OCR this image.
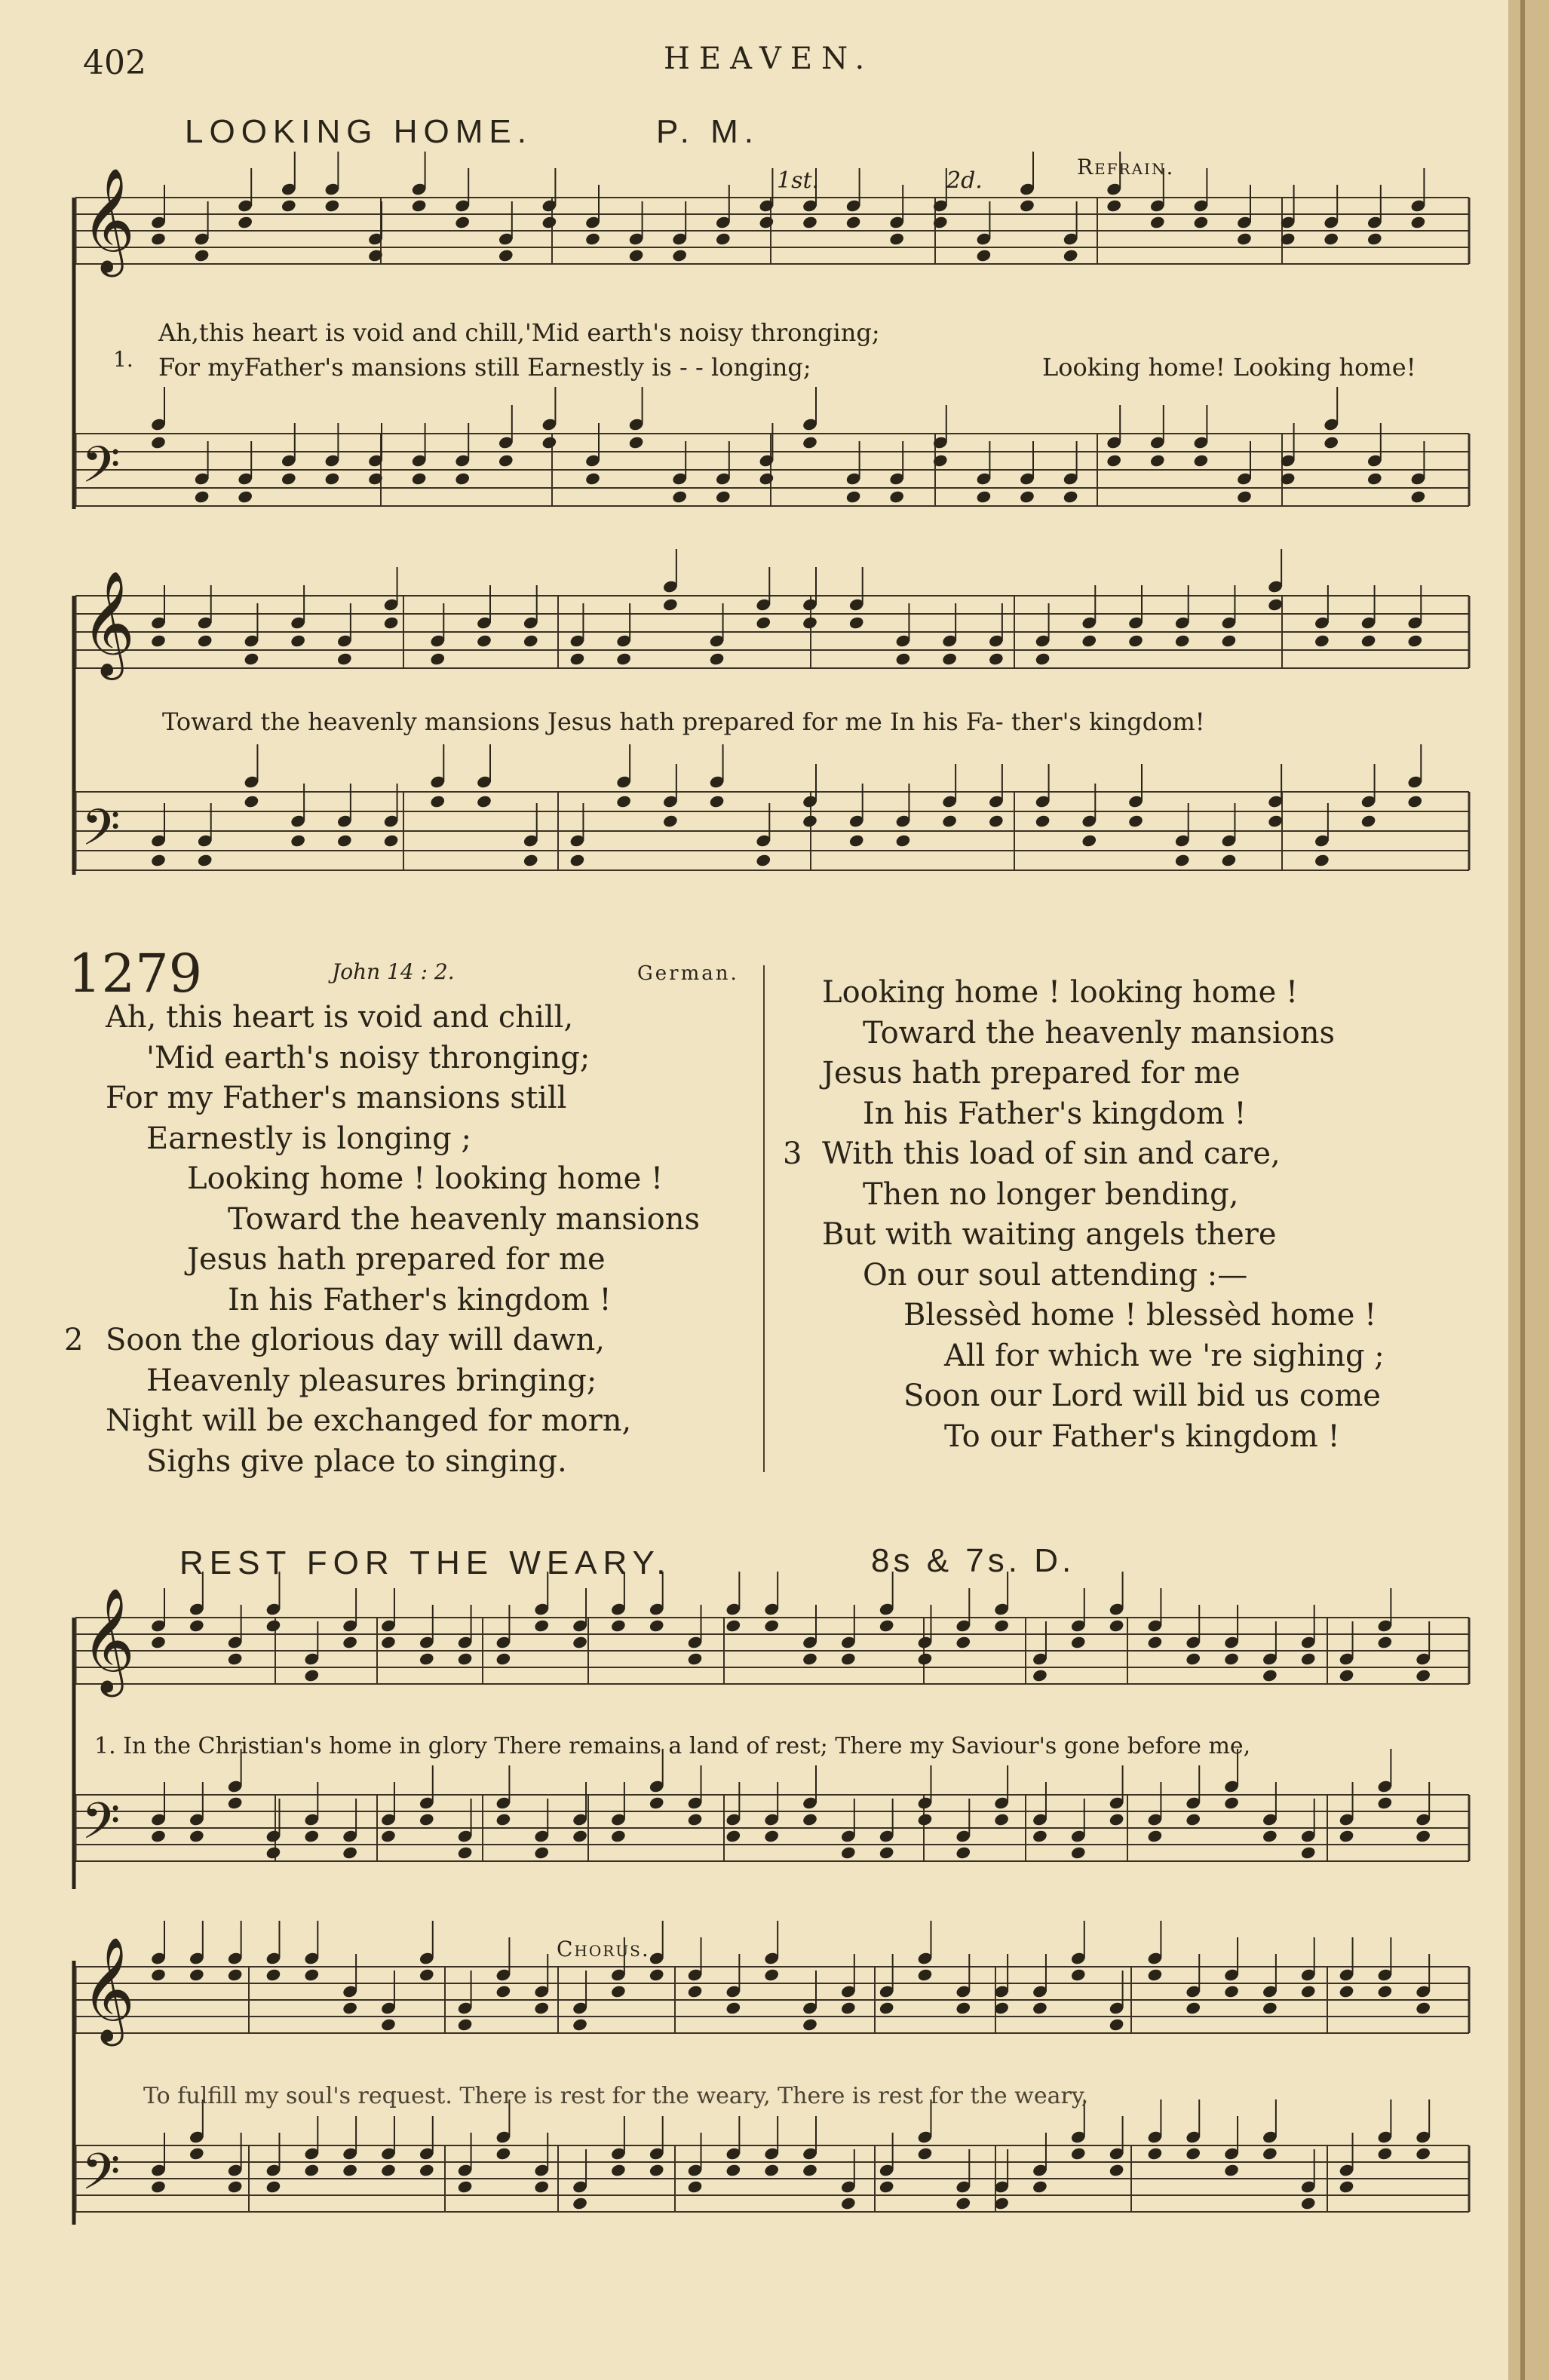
402	HEAVEN.
LOOKING HOME.	P. M.
1st.	2d.
Refrain.
𝄞
𝄢
𝄞
𝄢
𝄞
𝄢
𝄞
𝄢
1.
Ah,this heart is void and chill,'Mid earth's noisy thronging;
For myFather's mansions still Earnestly is - - longing;	Looking home! Looking home!
Toward the heavenly mansions Jesus hath prepared for me In his Fa- ther's kingdom!
1279	John 14 : 2.	German.
Ah, this heart is void and chill,
'Mid earth's noisy thronging;
For my Father's mansions still
Earnestly is longing ;
Looking home ! looking home !
Toward the heavenly mansions
Jesus hath prepared for me
In his Father's kingdom !
Soon the glorious day will dawn,
2
Heavenly pleasures bringing;
Night will be exchanged for morn,
Sighs give place to singing.
Looking home ! looking home !
Toward the heavenly mansions
Jesus hath prepared for me
In his Father's kingdom !
With this load of sin and care,
3
Then no longer bending,
But with waiting angels there
On our soul attending :—
Blessèd home ! blessèd home !
All for which we 're sighing ;
Soon our Lord will bid us come
To our Father's kingdom !
REST FOR THE WEARY.	8s & 7s. D.
1. In the Christian's home in glory There remains a land of rest; There my Saviour's gone before me,
Chorus.
To fulfill my soul's request. There is rest for the weary, There is rest for the weary,
